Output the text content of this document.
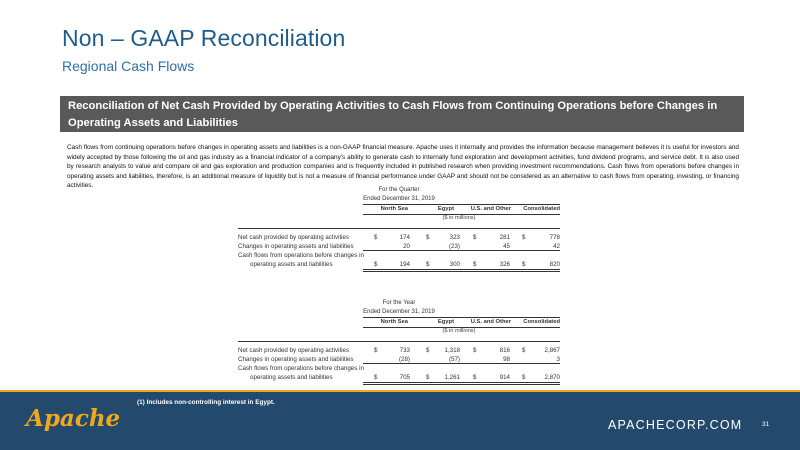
Non – GAAP Reconciliation
Regional Cash Flows
Reconciliation of Net Cash Provided by Operating Activities to Cash Flows from Continuing Operations before Changes in
Operating Assets and Liabilities
Cash flows from continuing operations before changes in operating assets and liabilities is a non-GAAP financial measure. Apache uses it internally and provides the information because management believes it is useful for investors and widely accepted by those following the oil and gas industry as a financial indicator of a company's ability to generate cash to internally fund exploration and development activities, fund dividend programs, and service debt. It is also used by research analysts to value and compare oil and gas exploration and production companies and is frequently included in published research when providing investment recommendations. Cash flows from operations before changes in operating assets and liabilities, therefore, is an additional measure of liquidity but is not a measure of financial performance under GAAP and should not be considered as an alternative to cash flows from operating, investing, or financing activities.
For the Quarter
Ended December 31, 2019
North Sea	Egypt	U.S. and Other	Consolidated
($ in millions)
Net cash provided by operating activities	$	174	$	323 $	281 $	778
Changes in operating assets and liabilities	20	(23)	45	42
Cash flows from operations before changes in
operating assets and liabilities	$	194	$	300 $	326 $	820
For the Year
Ended December 31, 2019
North Sea	Egypt	U.S. and Other	Consolidated
($ in millions)
Net cash provided by operating activities	$	733	$	1,318 $	816 $	2,867
Changes in operating assets and liabilities	(28)	(57)	98	3
Cash flows from operations before changes in
operating assets and liabilities	$	705	$	1,261 $	914 $	2,870
Apache
(1) Includes non-controlling interest in Egypt.
APACHECORP.COM	31
